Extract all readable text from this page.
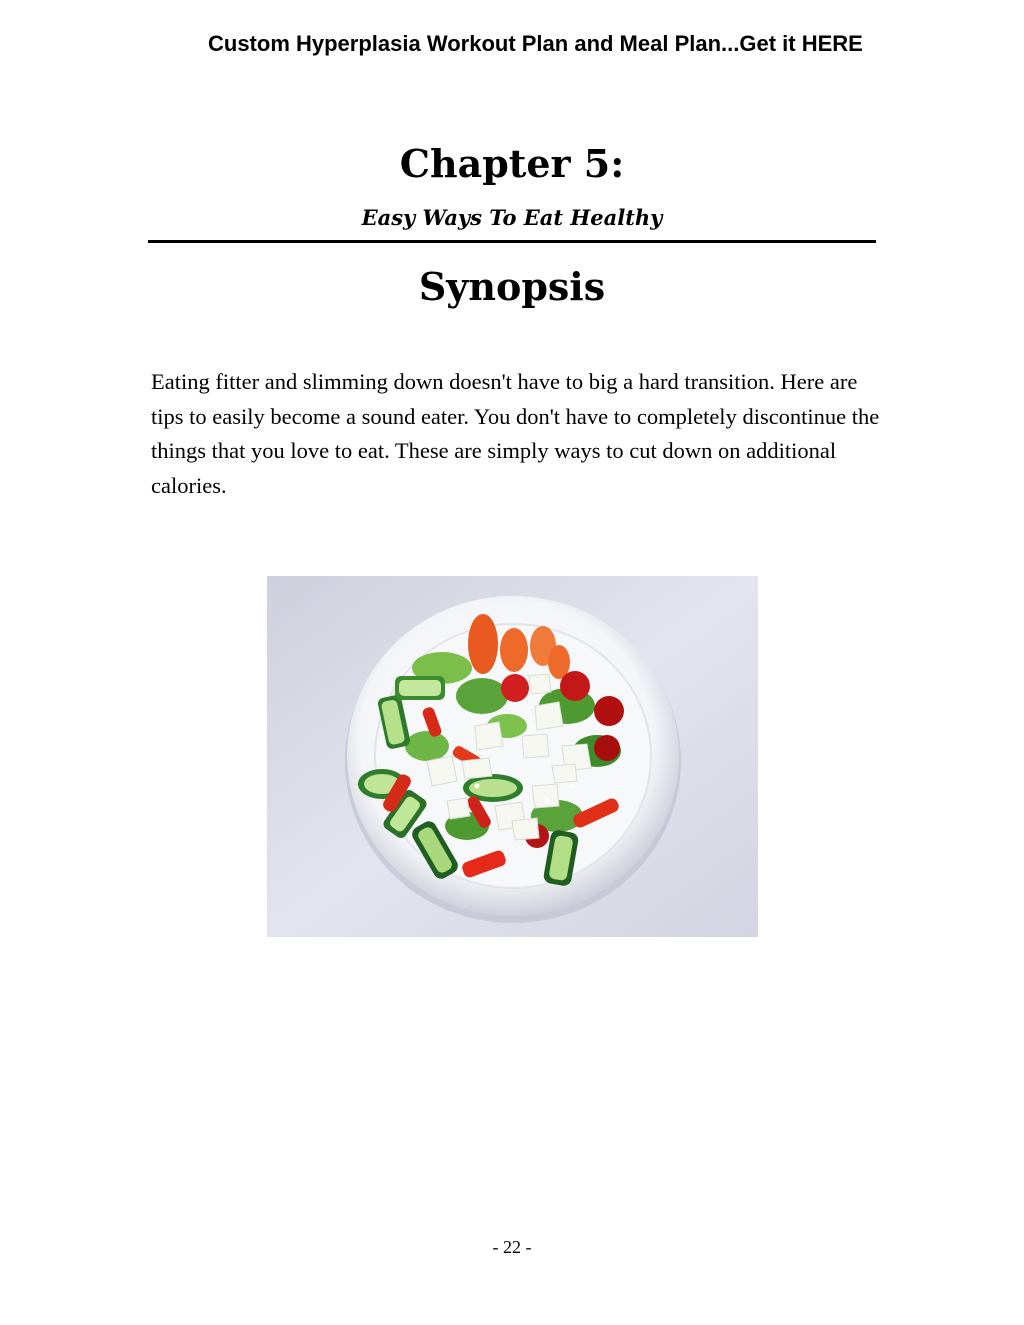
Custom Hyperplasia Workout Plan and Meal Plan...Get it HERE
Chapter 5:
Easy Ways To Eat Healthy
Synopsis

Eating fitter and slimming down doesn't have to big a hard transition. Here are tips to easily become a sound eater. You don't have to completely discontinue the things that you love to eat. These are simply ways to cut down on additional calories.

- 22 -
